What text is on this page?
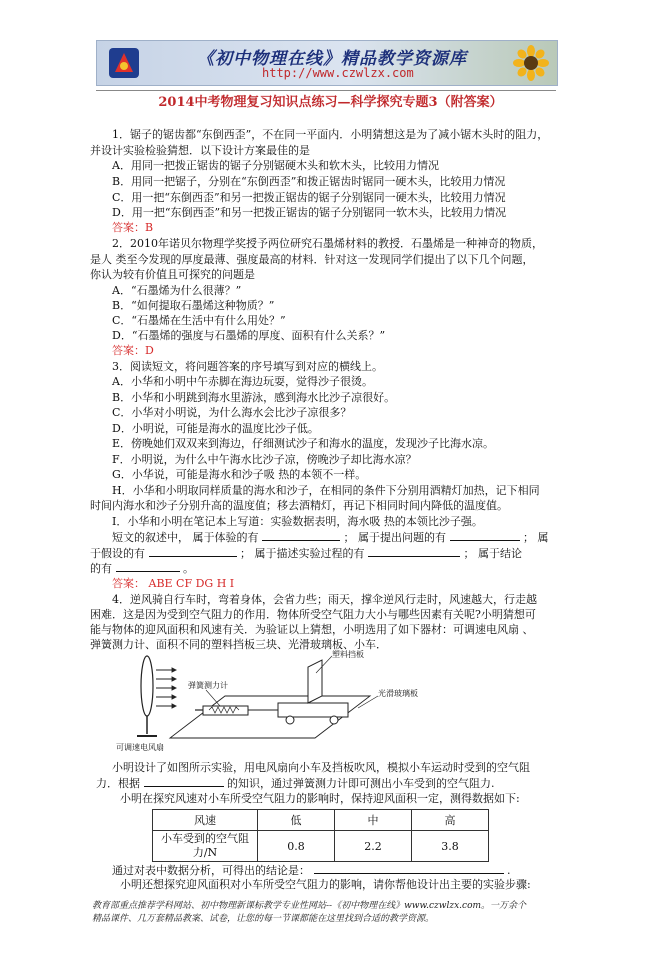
《初中物理在线》精品教学资源库
http://www.czwlzx.com
2014中考物理复习知识点练习—科学探究专题3（附答案）
1．锯子的锯齿都“东倒西歪”，不在同一平面内．小明猜想这是为了减小锯木头时的阻力，
并设计实验检验猜想．以下设计方案最佳的是
A．用同一把拨正锯齿的锯子分别锯硬木头和软木头，比较用力情况
B．用同一把锯子，分别在“东倒西歪”和拨正锯齿时锯同一硬木头，比较用力情况
C．用一把“东倒西歪”和另一把拨正锯齿的锯子分别锯同一硬木头，比较用力情况
D．用一把“东倒西歪”和另一把拨正锯齿的锯子分别锯同一软木头，比较用力情况
答案：B
2．2010年诺贝尔物理学奖授予两位研究石墨烯材料的教授．石墨烯是一种神奇的物质，
是人 类至今发现的厚度最薄、强度最高的材料．针对这一发现同学们提出了以下几个问题，
你认为较有价值且可探究的问题是
A．“石墨烯为什么很薄？”
B．“如何提取石墨烯这种物质？”
C．“石墨烯在生活中有什么用处？”
D．“石墨烯的强度与石墨烯的厚度、面积有什么关系？”
答案：D
3．阅读短文，将问题答案的序号填写到对应的横线上。
A．小华和小明中午赤脚在海边玩耍，觉得沙子很烫。
B．小华和小明跳到海水里游泳，感到海水比沙子凉很好。
C．小华对小明说，为什么海水会比沙子凉很多？
D．小明说，可能是海水的温度比沙子低。
E．傍晚她们双双来到海边，仔细测试沙子和海水的温度，发现沙子比海水凉。
F．小明说，为什么中午海水比沙子凉，傍晚沙子却比海水凉？
G．小华说，可能是海水和沙子吸 热的本领不一样。
H．小华和小明取同样质量的海水和沙子，在相同的条件下分别用酒精灯加热，记下相同
时间内海水和沙子分别升高的温度值；移去酒精灯，再记下相同时间内降低的温度值。
I．小华和小明在笔记本上写道：实验数据表明，海水吸 热的本领比沙子强。
短文的叙述中， 属于体验的有	； 属于提出问题的有	； 属
于假设的有	； 属于描述实验过程的有	； 属于结论
的有	。
答案： ABE CF DG H I
4．逆风骑自行车时，弯着身体，会省力些；雨天，撑伞逆风行走时，风速越大，行走越
困难．这是因为受到空气阻力的作用．物体所受空气阻力大小与哪些因素有关呢?小明猜想可
能与物体的迎风面积和风速有关．为验证以上猜想，小明选用了如下器材：可调速电风扇 、
弹簧测力计、面积不同的塑料挡板三块、光滑玻璃板、小车．
塑料挡板
弹簧测力计
光滑玻璃板
可调速电风扇
小明设计了如图所示实验，用电风扇向小车及挡板吹风，模拟小车运动时受到的空气阻
力．根据	的知识，通过弹簧测力计即可测出小车受到的空气阻力.
小明在探究风速对小车所受空气阻力的影响时，保持迎风面积一定，测得数据如下:
风速	低	中	高
小车受到的空气阻
力/N	0.8	2.2	3.8
通过对表中数据分析，可得出的结论是：	.
小明还想探究迎风面积对小车所受空气阻力的影响，请你帮他设计出主要的实验步骤:
教育部重点推荐学科网站、初中物理新课标教学专业性网站--《初中物理在线》www.czwlzx.com。一万余个
精品课件、几万套精品教案、试卷，让您的每一节课都能在这里找到合适的教学资源。
